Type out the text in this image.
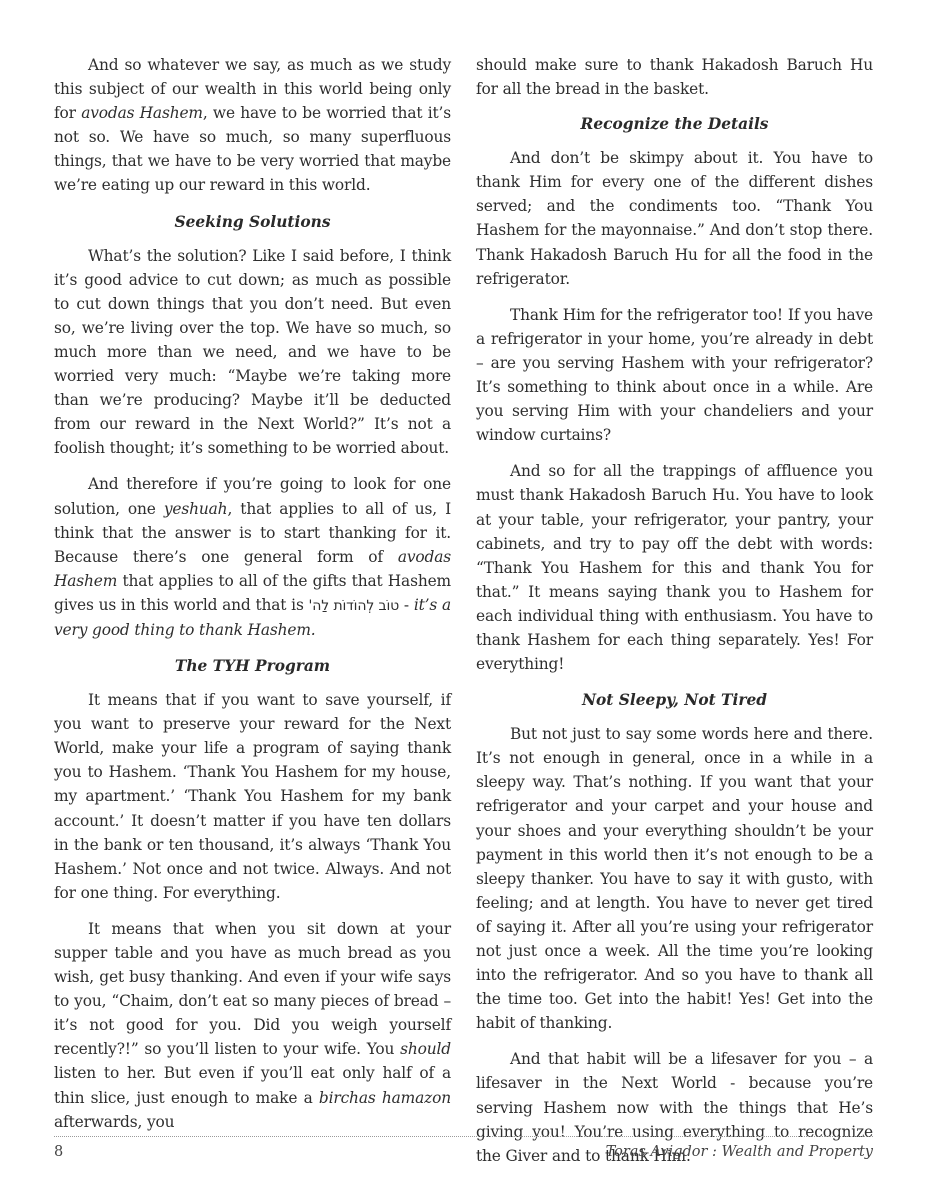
And so whatever we say, as much as we study this subject of our wealth in this world being only for avodas Hashem, we have to be worried that it’s not so. We have so much, so many superfluous things, that we have to be very worried that maybe we’re eating up our reward in this world.

Seeking Solutions

What’s the solution? Like I said before, I think it’s good advice to cut down; as much as possible to cut down things that you don’t need. But even so, we’re living over the top. We have so much, so much more than we need, and we have to be worried very much: “Maybe we’re taking more than we’re producing? Maybe it’ll be deducted from our reward in the Next World?” It’s not a foolish thought; it’s something to be worried about.

And therefore if you’re going to look for one solution, one yeshuah, that applies to all of us, I think that the answer is to start thanking for it. Because there’s one general form of avodas Hashem that applies to all of the gifts that Hashem gives us in this world and that is טוֹב לְהוֹדוֹת לַה' - it’s a very good thing to thank Hashem.

The TYH Program

It means that if you want to save yourself, if you want to preserve your reward for the Next World, make your life a program of saying thank you to Hashem. ‘Thank You Hashem for my house, my apartment.’ ‘Thank You Hashem for my bank account.’ It doesn’t matter if you have ten dollars in the bank or ten thousand, it’s always ‘Thank You Hashem.’ Not once and not twice. Always. And not for one thing. For everything.

It means that when you sit down at your supper table and you have as much bread as you wish, get busy thanking. And even if your wife says to you, “Chaim, don’t eat so many pieces of bread – it’s not good for you. Did you weigh yourself recently?!” so you’ll listen to your wife. You should listen to her. But even if you’ll eat only half of a thin slice, just enough to make a birchas hamazon afterwards, you

should make sure to thank Hakadosh Baruch Hu for all the bread in the basket.

Recognize the Details

And don’t be skimpy about it. You have to thank Him for every one of the different dishes served; and the condiments too. “Thank You Hashem for the mayonnaise.” And don’t stop there. Thank Hakadosh Baruch Hu for all the food in the refrigerator.

Thank Him for the refrigerator too! If you have a refrigerator in your home, you’re already in debt – are you serving Hashem with your refrigerator? It’s something to think about once in a while. Are you serving Him with your chandeliers and your window curtains?

And so for all the trappings of affluence you must thank Hakadosh Baruch Hu. You have to look at your table, your refrigerator, your pantry, your cabinets, and try to pay off the debt with words: “Thank You Hashem for this and thank You for that.” It means saying thank you to Hashem for each individual thing with enthusiasm. You have to thank Hashem for each thing separately. Yes! For everything!

Not Sleepy, Not Tired

But not just to say some words here and there. It’s not enough in general, once in a while in a sleepy way. That’s nothing. If you want that your refrigerator and your carpet and your house and your shoes and your everything shouldn’t be your payment in this world then it’s not enough to be a sleepy thanker. You have to say it with gusto, with feeling; and at length. You have to never get tired of saying it. After all you’re using your refrigerator not just once a week. All the time you’re looking into the refrigerator. And so you have to thank all the time too. Get into the habit! Yes! Get into the habit of thanking.

And that habit will be a lifesaver for you – a lifesaver in the Next World - because you’re serving Hashem now with the things that He’s giving you! You’re using everything to recognize the Giver and to thank Him.

8	Toras Avigdor : Wealth and Property
